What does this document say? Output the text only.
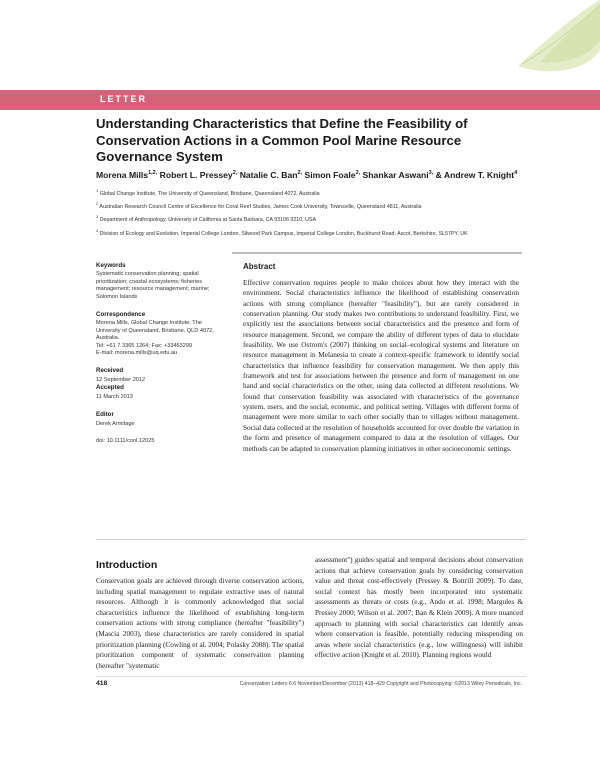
LETTER
Understanding Characteristics that Define the Feasibility of Conservation Actions in a Common Pool Marine Resource Governance System
Morena Mills$^{1,2,}$ Robert L. Pressey$^{2,}$ Natalie C. Ban$^{2,}$ Simon Foale$^{2,}$ Shankar Aswani$^{3,}$ & Andrew T. Knight$^4$
$^1$ Global Change Institute, The University of Queensland, Brisbane, Queensland 4072, Australia
$^2$ Australian Research Council Centre of Excellence for Coral Reef Studies, James Cook University, Townsville, Queensland 4811, Australia
$^3$ Department of Anthropology, University of California at Santa Barbara, CA 93106 3210, USA
$^4$ Division of Ecology and Evolution, Imperial College London, Silwood Park Campus, Imperial College London, Buckhurst Road, Ascot, Berkshire, SL57PY, UK
Keywords
Systematic conservation planning; spatial prioritization; coastal ecosystems; fisheries management; resource management; marine; Solomon Islands
Correspondence
Morena Mills, Global Change Institute, The University of Queensland, Brisbane, QLD 4072, Australia.
Tel: +61 7 3365 1264; Fax: +33463299
E-mail: morena.mills@uq.edu.au
Received
12 September 2012
Accepted
11 March 2013
Editor
Derek Armitage
doi: 10.1111/conl.12025
Abstract

Effective conservation requires people to make choices about how they interact with the environment. Social characteristics influence the likelihood of establishing conservation actions with strong compliance (hereafter "feasibility"), but are rarely considered in conservation planning. Our study makes two contributions to understand feasibility. First, we explicitly test the associations between social characteristics and the presence and form of resource management. Second, we compare the ability of different types of data to elucidate feasibility. We use Ostrom's (2007) thinking on social–ecological systems and literature on resource management in Melanesia to create a context-specific framework to identify social characteristics that influence feasibility for conservation management. We then apply this framework and test for associations between the presence and form of management on one hand and social characteristics on the other, using data collected at different resolutions. We found that conservation feasibility was associated with characteristics of the governance system, users, and the social, economic, and political setting. Villages with different forms of management were more similar to each other socially than to villages without management. Social data collected at the resolution of households accounted for over double the variation in the form and presence of management compared to data at the resolution of villages. Our methods can be adapted to conservation planning initiatives in other socioeconomic settings.

Introduction

Conservation goals are achieved through diverse conservation actions, including spatial management to regulate extractive uses of natural resources. Although it is commonly acknowledged that social characteristics influence the likelihood of establishing long-term conservation actions with strong compliance (hereafter "feasibility") (Mascia 2003), these characteristics are rarely considered in spatial prioritization planning (Cowling et al. 2004; Polasky 2008). The spatial prioritization component of systematic conservation planning (hereafter "systematic

assessment") guides spatial and temporal decisions about conservation actions that achieve conservation goals by considering conservation value and threat cost-effectively (Pressey & Bottrill 2009). To date, social context has mostly been incorporated into systematic assessments as threats or costs (e.g., Ando et al. 1998; Margules & Pressey 2000; Wilson et al. 2007; Ban & Klein 2009). A more nuanced approach to planning with social characteristics can identify areas where conservation is feasible, potentially reducing misspending on areas where social characteristics (e.g., low willingness) will inhibit effective action (Knight et al. 2010). Planning regions would

418	Conservation Letters 6:6 November/December (2013) 418–429 Copyright and Photocopying: ©2013 Wiley Periodicals, Inc.
